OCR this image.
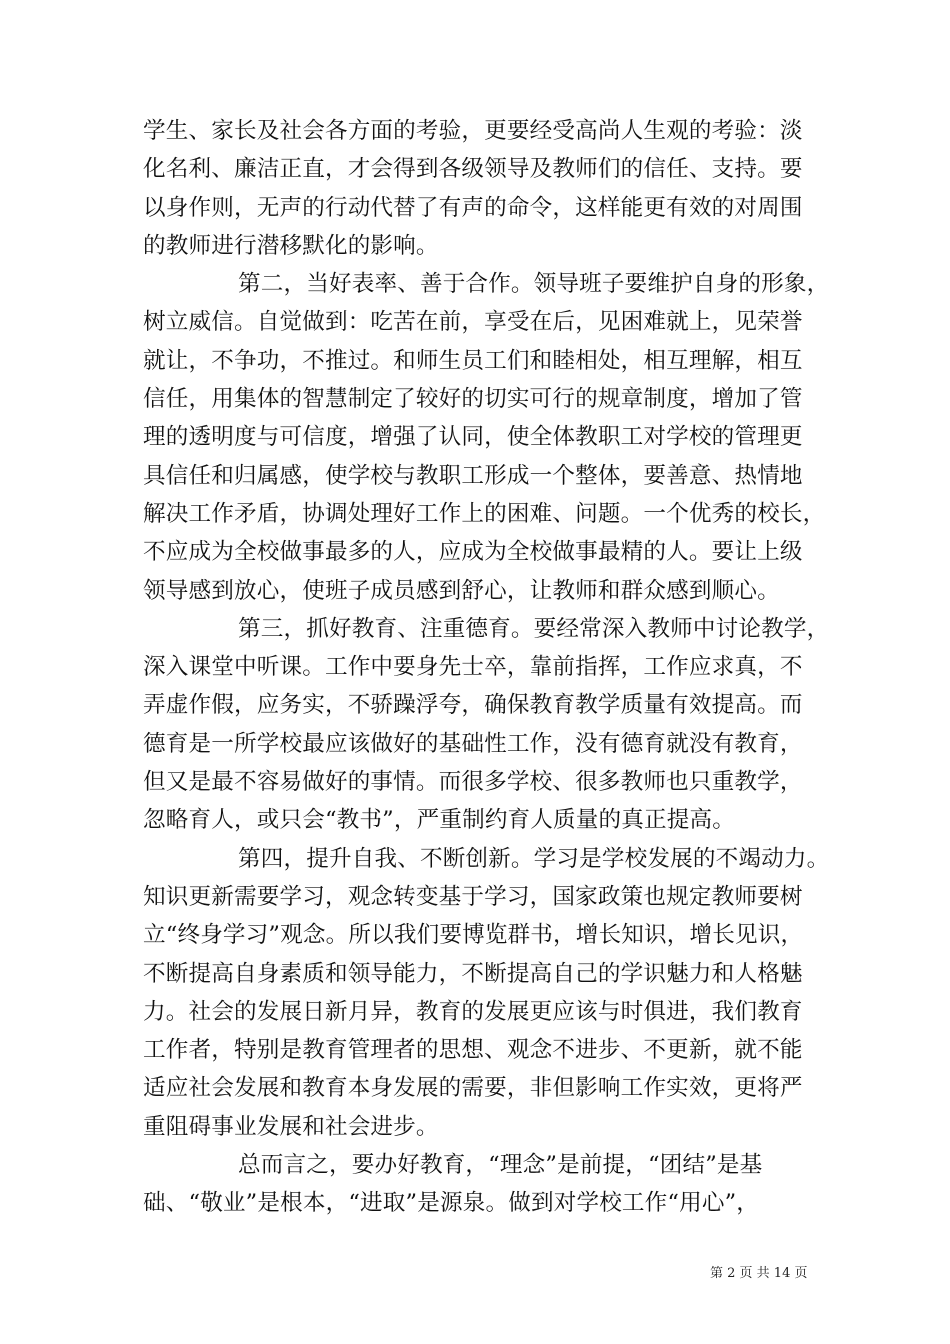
学生、家长及社会各方面的考验，更要经受高尚人生观的考验：淡
化名利、廉洁正直，才会得到各级领导及教师们的信任、支持。要
以身作则，无声的行动代替了有声的命令，这样能更有效的对周围
的教师进行潜移默化的影响。

第二，当好表率、善于合作。领导班子要维护自身的形象，
树立威信。自觉做到：吃苦在前，享受在后，见困难就上，见荣誉
就让，不争功，不推过。和师生员工们和睦相处，相互理解，相互
信任，用集体的智慧制定了较好的切实可行的规章制度，增加了管
理的透明度与可信度，增强了认同，使全体教职工对学校的管理更
具信任和归属感，使学校与教职工形成一个整体，要善意、热情地
解决工作矛盾，协调处理好工作上的困难、问题。一个优秀的校长，
不应成为全校做事最多的人，应成为全校做事最精的人。要让上级
领导感到放心，使班子成员感到舒心，让教师和群众感到顺心。

第三，抓好教育、注重德育。要经常深入教师中讨论教学，
深入课堂中听课。工作中要身先士卒，靠前指挥，工作应求真，不
弄虚作假，应务实，不骄躁浮夸，确保教育教学质量有效提高。而
德育是一所学校最应该做好的基础性工作，没有德育就没有教育，
但又是最不容易做好的事情。而很多学校、很多教师也只重教学，
忽略育人，或只会“教书”，严重制约育人质量的真正提高。

第四，提升自我、不断创新。学习是学校发展的不竭动力。
知识更新需要学习，观念转变基于学习，国家政策也规定教师要树
立“终身学习”观念。所以我们要博览群书，增长知识，增长见识，
不断提高自身素质和领导能力，不断提高自己的学识魅力和人格魅
力。社会的发展日新月异，教育的发展更应该与时俱进，我们教育
工作者，特别是教育管理者的思想、观念不进步、不更新，就不能
适应社会发展和教育本身发展的需要，非但影响工作实效，更将严
重阻碍事业发展和社会进步。

总而言之，要办好教育，“理念”是前提，“团结”是基
础、“敬业”是根本，“进取”是源泉。做到对学校工作“用心”，

第 2 页 共 14 页
